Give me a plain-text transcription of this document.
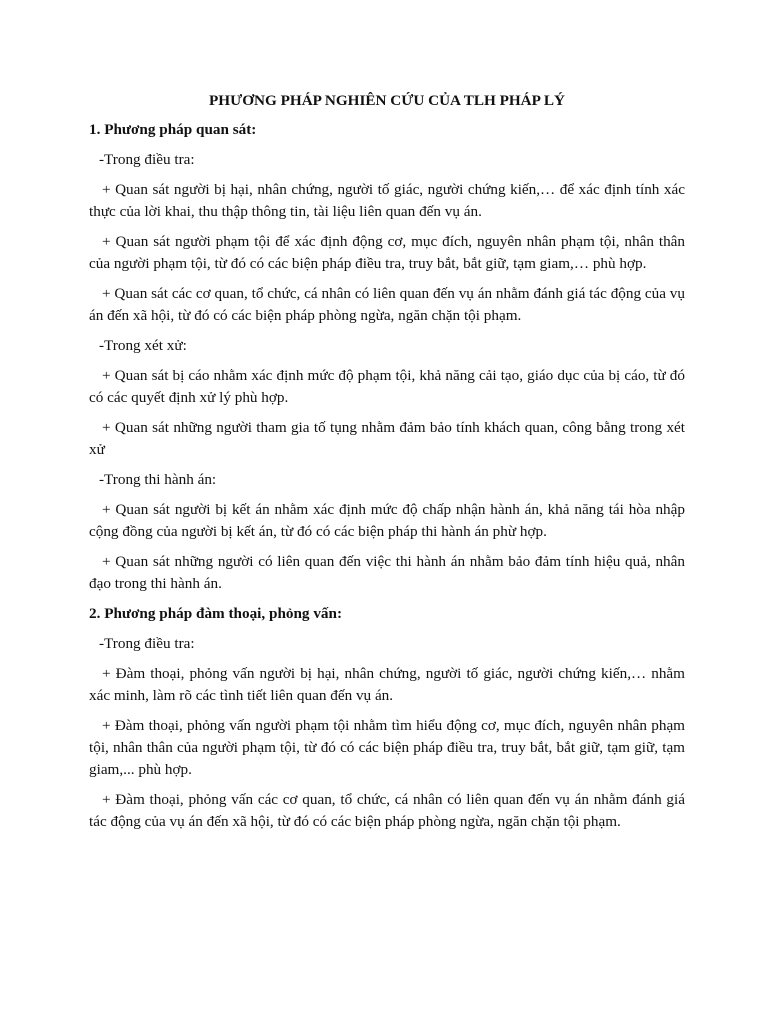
PHƯƠNG PHÁP NGHIÊN CỨU CỦA TLH PHÁP LÝ

1. Phương pháp quan sát:

-Trong điều tra:

+ Quan sát người bị hại, nhân chứng, người tố giác, người chứng kiến,… để xác định tính xác thực của lời khai, thu thập thông tin, tài liệu liên quan đến vụ án.

+ Quan sát người phạm tội để xác định động cơ, mục đích, nguyên nhân phạm tội, nhân thân của người phạm tội, từ đó có các biện pháp điều tra, truy bắt, bắt giữ, tạm giam,… phù hợp.

+ Quan sát các cơ quan, tổ chức, cá nhân có liên quan đến vụ án nhằm đánh giá tác động của vụ án đến xã hội, từ đó có các biện pháp phòng ngừa, ngăn chặn tội phạm.

-Trong xét xử:

+ Quan sát bị cáo nhằm xác định mức độ phạm tội, khả năng cải tạo, giáo dục của bị cáo, từ đó có các quyết định xử lý phù hợp.

+ Quan sát những người tham gia tố tụng nhằm đảm bảo tính khách quan, công bằng trong xét xử

-Trong thi hành án:

+ Quan sát người bị kết án nhằm xác định mức độ chấp nhận hành án, khả năng tái hòa nhập cộng đồng của người bị kết án, từ đó có các biện pháp thi hành án phừ hợp.

+ Quan sát những người có liên quan đến việc thi hành án nhằm bảo đảm tính hiệu quả, nhân đạo trong thi hành án.

2. Phương pháp đàm thoại, phỏng vấn:

-Trong điều tra:

+ Đàm thoại, phỏng vấn người bị hại, nhân chứng, người tố giác, người chứng kiến,… nhằm xác minh, làm rõ các tình tiết liên quan đến vụ án.

+ Đàm thoại, phỏng vấn người phạm tội nhằm tìm hiểu động cơ, mục đích, nguyên nhân phạm tội, nhân thân của người phạm tội, từ đó có các biện pháp điều tra, truy bắt, bắt giữ, tạm giữ, tạm giam,... phù hợp.

+ Đàm thoại, phỏng vấn các cơ quan, tổ chức, cá nhân có liên quan đến vụ án nhằm đánh giá tác động của vụ án đến xã hội, từ đó có các biện pháp phòng ngừa, ngăn chặn tội phạm.
